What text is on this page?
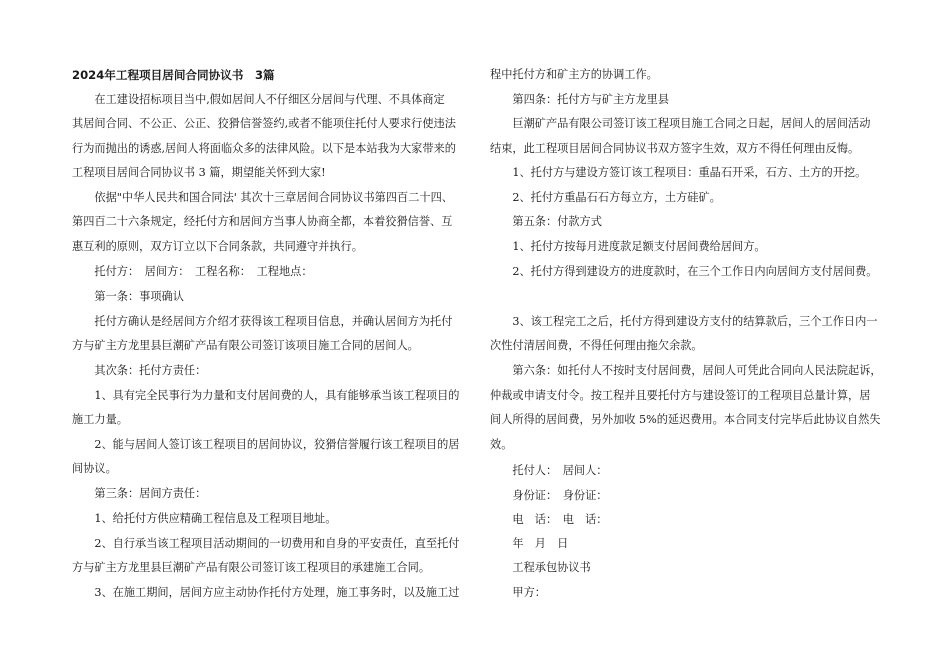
2024年工程项目居间合同协议书　3篇
　　在工建设招标项目当中,假如居间人不仔细区分居间与代理、不具体商定
其居间合同、不公正、公正、狡猾信誉签约,或者不能项住托付人要求行使违法
行为而抛出的诱惑,居间人将面临众多的法律风险。以下是本站我为大家带来的
工程项目居间合同协议书 3 篇，期望能关怀到大家!
　　依据"中华人民共和国合同法' 其次十三章居间合同协议书第四百二十四、
第四百二十六条规定，经托付方和居间方当事人协商全都，本着狡猾信誉、互
惠互利的原则，双方订立以下合同条款，共同遵守并执行。
　　托付方：　居间方：　工程名称：　工程地点：
　　第一条：事项确认
　　托付方确认是经居间方介绍才获得该工程项目信息，并确认居间方为托付
方与矿主方龙里县巨潮矿产品有限公司签订该项目施工合同的居间人。
　　其次条：托付方责任：
　　1、具有完全民事行为力量和支付居间费的人，具有能够承当该工程项目的
施工力量。
　　2、能与居间人签订该工程项目的居间协议，狡猾信誉履行该工程项目的居
间协议。
　　第三条：居间方责任：
　　1、给托付方供应精确工程信息及工程项目地址。
　　2、自行承当该工程项目活动期间的一切费用和自身的平安责任，直至托付
方与矿主方龙里县巨潮矿产品有限公司签订该工程项目的承建施工合同。
　　3、在施工期间，居间方应主动协作托付方处理，施工事务时，以及施工过
程中托付方和矿主方的协调工作。
　　第四条：托付方与矿主方龙里县
　　巨潮矿产品有限公司签订该工程项目施工合同之日起，居间人的居间活动
结束，此工程项目居间合同协议书双方签字生效，双方不得任何理由反悔。
　　1、托付方与建设方签订该工程项目：重晶石开采，石方、土方的开挖。
　　2、托付方重晶石石方每立方，土方硅矿。
　　第五条：付款方式
　　1、托付方按每月进度款足额支付居间费给居间方。
　　2、托付方得到建设方的进度款时，在三个工作日内向居间方支付居间费。
　　3、该工程完工之后，托付方得到建设方支付的结算款后，三个工作日内一
次性付清居间费，不得任何理由拖欠余款。
　　第六条：如托付人不按时支付居间费，居间人可凭此合同向人民法院起诉，
仲裁或申请支付令。按工程并且要托付方与建设签订的工程项目总量计算，居
间人所得的居间费，另外加收 5%的延迟费用。本合同支付完毕后此协议自然失
效。
　　托付人：　居间人：
　　身份证：　身份证：
　　电　话：　电　话：
　　年　月　日
　　工程承包协议书
　　甲方：
